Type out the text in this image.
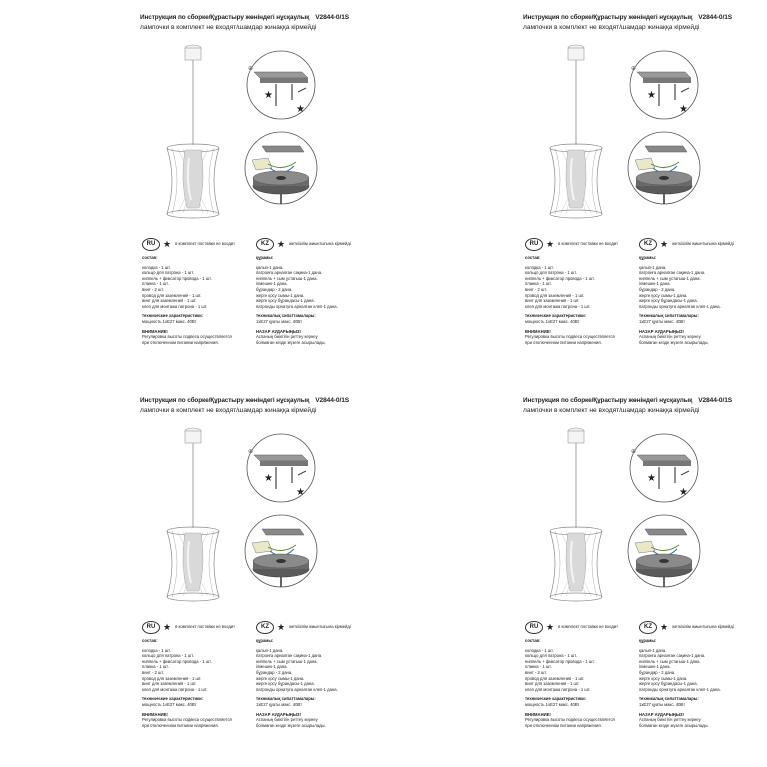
Инструкция по сборке/Құрастыру жөніндегі нұсқаулық V2844-0/1S
лампочки в комплект не входят/шамдар жинаққа кірмейді
★
★
⊕
RU ★ в комплект поставки не входит

состав:

колодка - 1 шт.

кольцо для патрона - 1 шт.

ниппель + фиксатор провода - 1 шт.

планка - 1 шт.

винт - 2 шт.

провод для заземления - 1 шт.

винт для заземления - 1 шт.

клеп для монтажа патрона - 1 шт.

технические характеристики:

мощность 1хE27 макс. 40Вт

ВНИМАНИЕ!

Регулировка высоты подвеса осуществляется

при отключенном питании напряжения.

KZ ★ жеткізілім жиынтығына кірмейді

құрамы:

қалып-1 дана.

патронға арналған сақина-1 дана.

ниппель + сым ұстағыш-1 дана.

ілмешек-1 дана.

бұрандар - 2 дана.

жерге қосу сымы-1 дана.

жерге қосу бұрандасы-1 дана.

патронды орнатуға арналған клеп-1 дана.

техникалық сипаттамалары:

1хE27 қуаты макс. 40Вт

НАЗАР АУДАРЫҢЫЗ!

Аспаның биіктігін реттеу кернеу

болмаған кезде жүзеге асырылады.

Инструкция по сборке/Құрастыру жөніндегі нұсқаулық V2844-0/1S
лампочки в комплект не входят/шамдар жинаққа кірмейді
★
★
⊕
RU ★ в комплект поставки не входит

состав:

колодка - 1 шт.

кольцо для патрона - 1 шт.

ниппель + фиксатор провода - 1 шт.

планка - 1 шт.

винт - 2 шт.

провод для заземления - 1 шт.

винт для заземления - 1 шт.

клеп для монтажа патрона - 1 шт.

технические характеристики:

мощность 1хE27 макс. 40Вт

ВНИМАНИЕ!

Регулировка высоты подвеса осуществляется

при отключенном питании напряжения.

KZ ★ жеткізілім жиынтығына кірмейді

құрамы:

қалып-1 дана.

патронға арналған сақина-1 дана.

ниппель + сым ұстағыш-1 дана.

ілмешек-1 дана.

бұрандар - 2 дана.

жерге қосу сымы-1 дана.

жерге қосу бұрандасы-1 дана.

патронды орнатуға арналған клеп-1 дана.

техникалық сипаттамалары:

1хE27 қуаты макс. 40Вт

НАЗАР АУДАРЫҢЫЗ!

Аспаның биіктігін реттеу кернеу

болмаған кезде жүзеге асырылады.

Инструкция по сборке/Құрастыру жөніндегі нұсқаулық V2844-0/1S
лампочки в комплект не входят/шамдар жинаққа кірмейді
★
★
⊕
RU ★ в комплект поставки не входит

состав:

колодка - 1 шт.

кольцо для патрона - 1 шт.

ниппель + фиксатор провода - 1 шт.

планка - 1 шт.

винт - 2 шт.

провод для заземления - 1 шт.

винт для заземления - 1 шт.

клеп для монтажа патрона - 1 шт.

технические характеристики:

мощность 1хE27 макс. 40Вт

ВНИМАНИЕ!

Регулировка высоты подвеса осуществляется

при отключенном питании напряжения.

KZ ★ жеткізілім жиынтығына кірмейді

құрамы:

қалып-1 дана.

патронға арналған сақина-1 дана.

ниппель + сым ұстағыш-1 дана.

ілмешек-1 дана.

бұрандар - 2 дана.

жерге қосу сымы-1 дана.

жерге қосу бұрандасы-1 дана.

патронды орнатуға арналған клеп-1 дана.

техникалық сипаттамалары:

1хE27 қуаты макс. 40Вт

НАЗАР АУДАРЫҢЫЗ!

Аспаның биіктігін реттеу кернеу

болмаған кезде жүзеге асырылады.

Инструкция по сборке/Құрастыру жөніндегі нұсқаулық V2844-0/1S
лампочки в комплект не входят/шамдар жинаққа кірмейді
★
★
⊕
RU ★ в комплект поставки не входит

состав:

колодка - 1 шт.

кольцо для патрона - 1 шт.

ниппель + фиксатор провода - 1 шт.

планка - 1 шт.

винт - 2 шт.

провод для заземления - 1 шт.

винт для заземления - 1 шт.

клеп для монтажа патрона - 1 шт.

технические характеристики:

мощность 1хE27 макс. 40Вт

ВНИМАНИЕ!

Регулировка высоты подвеса осуществляется

при отключенном питании напряжения.

KZ ★ жеткізілім жиынтығына кірмейді

құрамы:

қалып-1 дана.

патронға арналған сақина-1 дана.

ниппель + сым ұстағыш-1 дана.

ілмешек-1 дана.

бұрандар - 2 дана.

жерге қосу сымы-1 дана.

жерге қосу бұрандасы-1 дана.

патронды орнатуға арналған клеп-1 дана.

техникалық сипаттамалары:

1хE27 қуаты макс. 40Вт

НАЗАР АУДАРЫҢЫЗ!

Аспаның биіктігін реттеу кернеу

болмаған кезде жүзеге асырылады.
